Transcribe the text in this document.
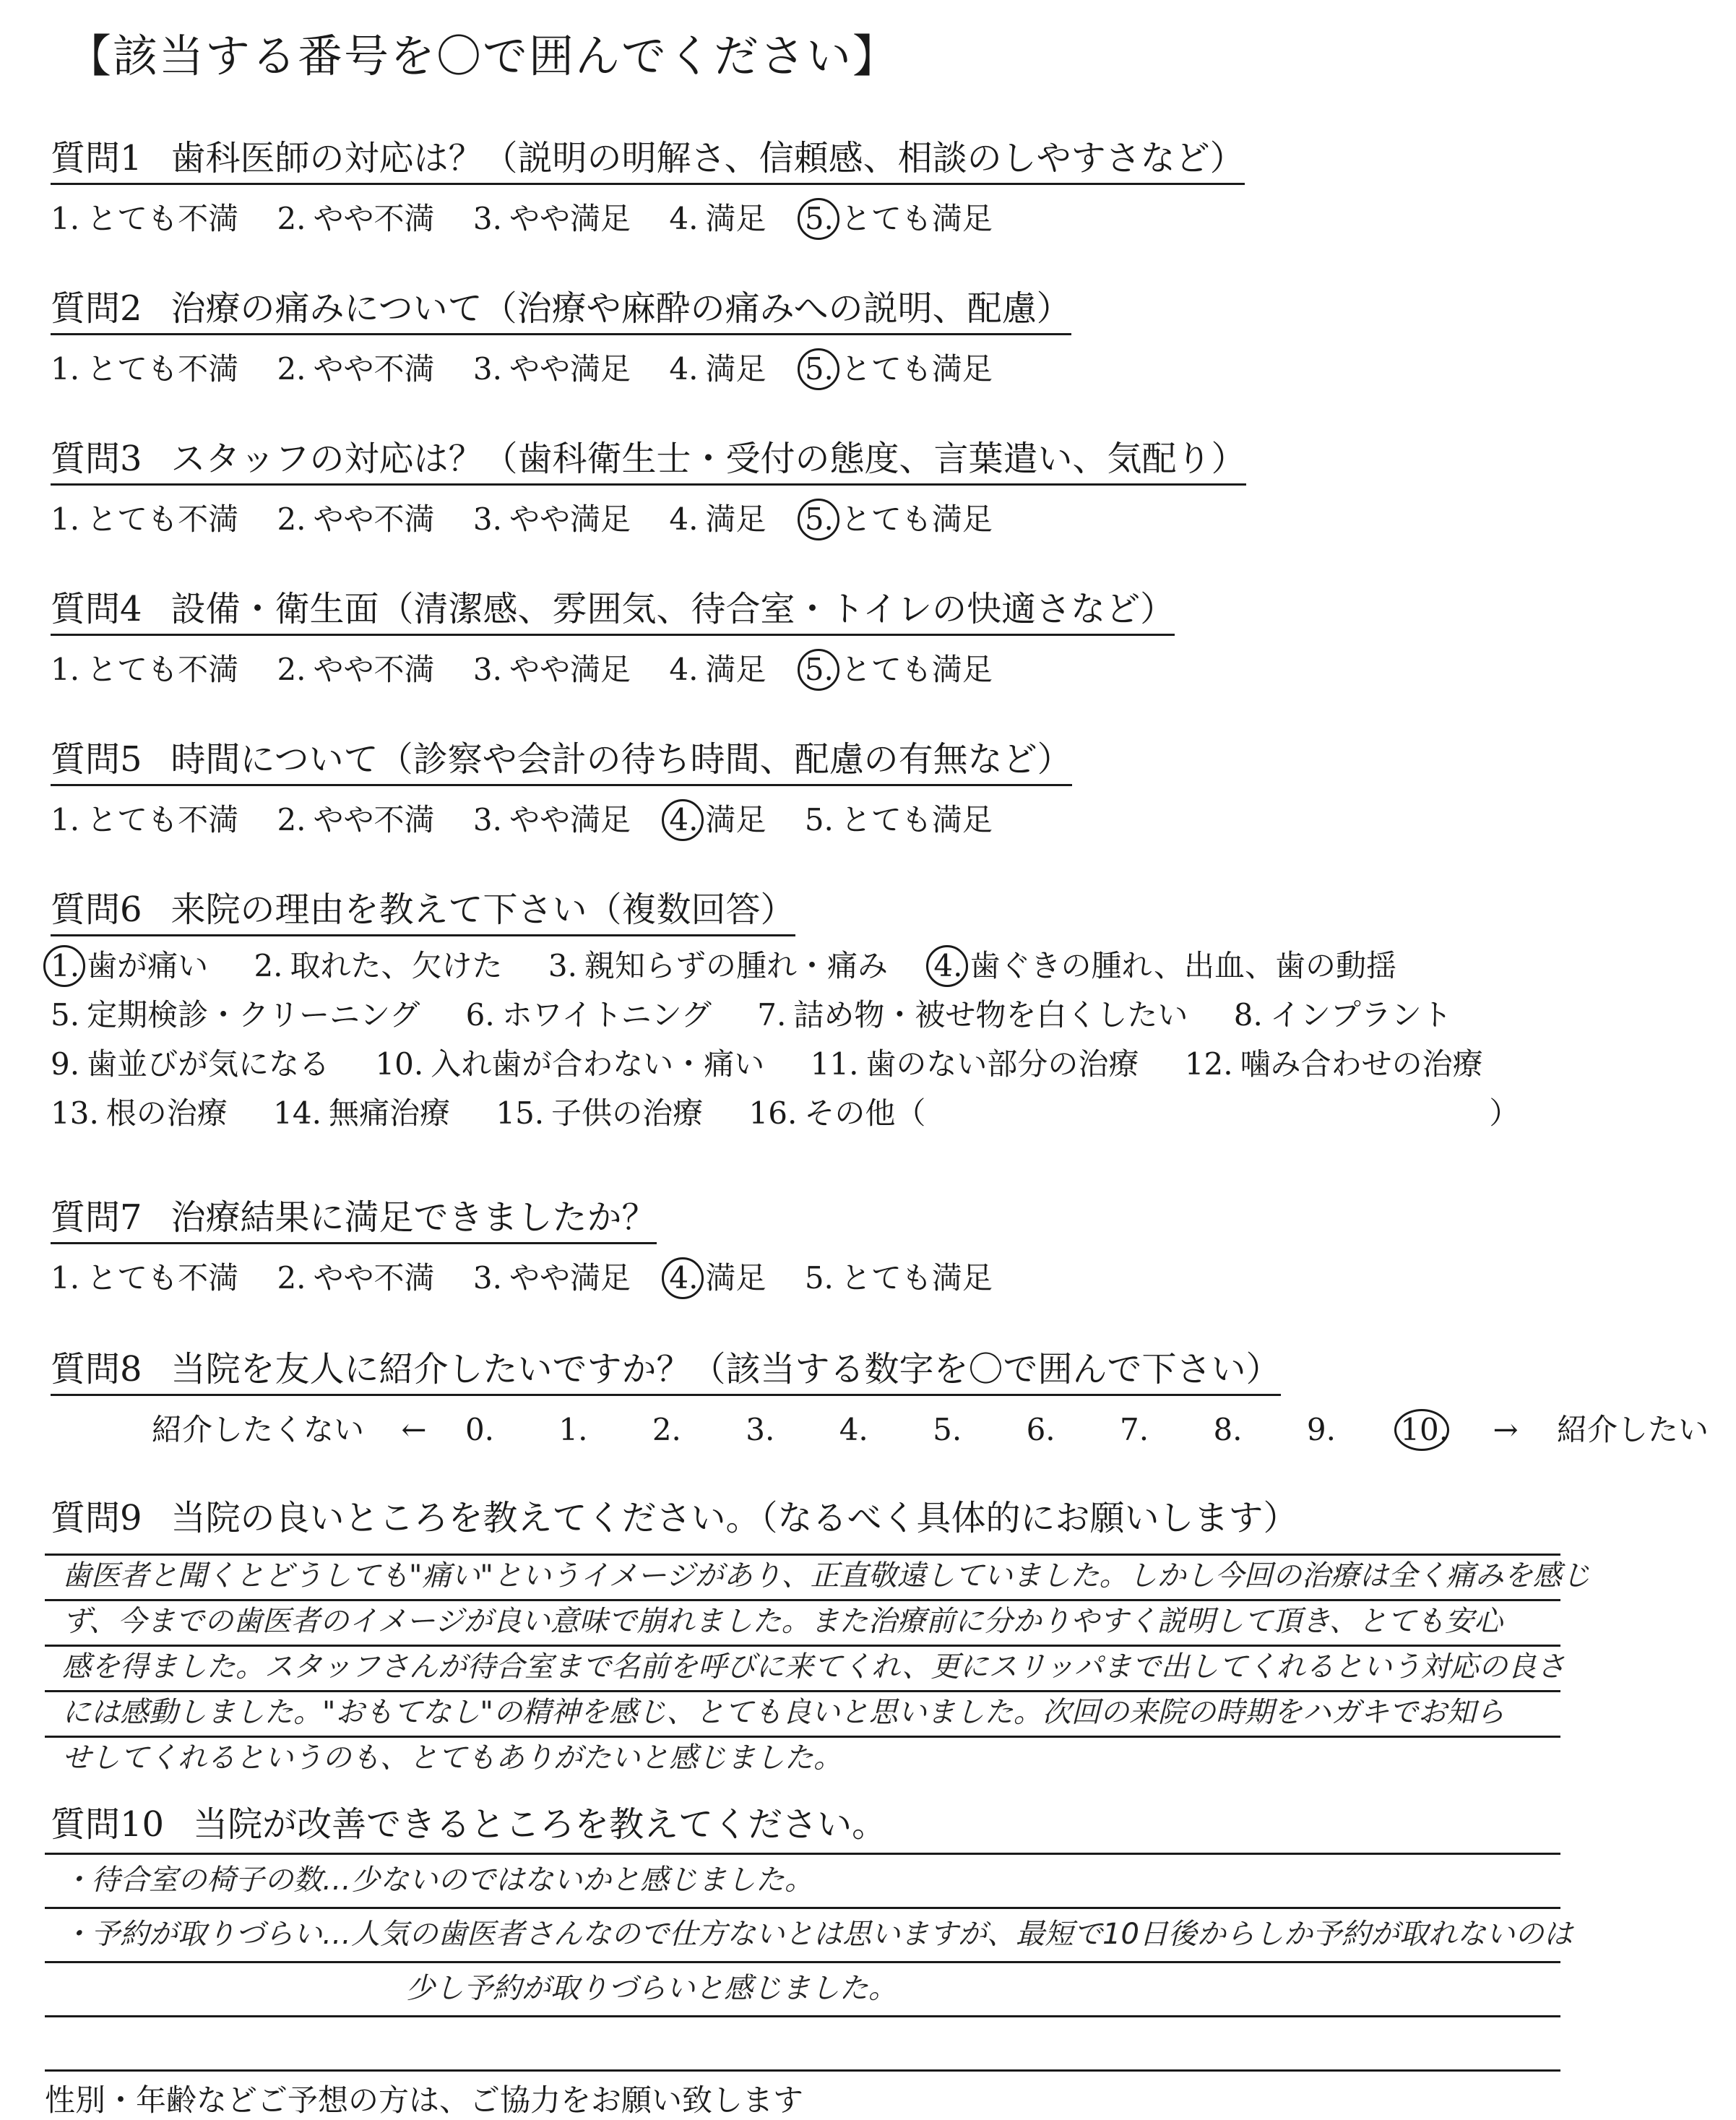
【該当する番号を〇で囲んでください】
質問1 歯科医師の対応は？（説明の明解さ、信頼感、相談のしやすさなど）
1. とても不満 2. やや不満 3. やや満足 4. 満足 5. とても満足
質問2 治療の痛みについて（治療や麻酔の痛みへの説明、配慮）
1. とても不満 2. やや不満 3. やや満足 4. 満足 5. とても満足
質問3 スタッフの対応は？（歯科衛生士・受付の態度、言葉遣い、気配り）
1. とても不満 2. やや不満 3. やや満足 4. 満足 5. とても満足
質問4 設備・衛生面（清潔感、雰囲気、待合室・トイレの快適さなど）
1. とても不満 2. やや不満 3. やや満足 4. 満足 5. とても満足
質問5 時間について（診察や会計の待ち時間、配慮の有無など）
1. とても不満 2. やや不満 3. やや満足 4. 満足 5. とても満足
質問6 来院の理由を教えて下さい（複数回答）
1. 歯が痛い 2. 取れた、欠けた 3. 親知らずの腫れ・痛み 4. 歯ぐきの腫れ、出血、歯の動揺
5. 定期検診・クリーニング 6. ホワイトニング 7. 詰め物・被せ物を白くしたい 8. インプラント
9. 歯並びが気になる 10. 入れ歯が合わない・痛い 11. 歯のない部分の治療 12. 噛み合わせの治療
13. 根の治療 14. 無痛治療 15. 子供の治療 16. その他（	）
質問7 治療結果に満足できましたか？
1. とても不満 2. やや不満 3. やや満足 4. 満足 5. とても満足
質問8 当院を友人に紹介したいですか？（該当する数字を〇で囲んで下さい）
紹介したくない ← 0. 1. 2. 3. 4. 5. 6. 7. 8. 9. 10. → 紹介したい
質問9 当院の良いところを教えてください。（なるべく具体的にお願いします）
歯医者と聞くとどうしても"痛い"というイメージがあり、正直敬遠していました。しかし今回の治療は全く痛みを感じ
ず、今までの歯医者のイメージが良い意味で崩れました。また治療前に分かりやすく説明して頂き、とても安心
感を得ました。スタッフさんが待合室まで名前を呼びに来てくれ、更にスリッパまで出してくれるという対応の良さ
には感動しました。"おもてなし"の精神を感じ、とても良いと思いました。次回の来院の時期をハガキでお知ら
せしてくれるというのも、とてもありがたいと感じました。
質問10 当院が改善できるところを教えてください。
・待合室の椅子の数…少ないのではないかと感じました。
・予約が取りづらい…人気の歯医者さんなので仕方ないとは思いますが、最短で10日後からしか予約が取れないのは
少し予約が取りづらいと感じました。
性別・年齢などご予想の方は、ご協力をお願い致します
